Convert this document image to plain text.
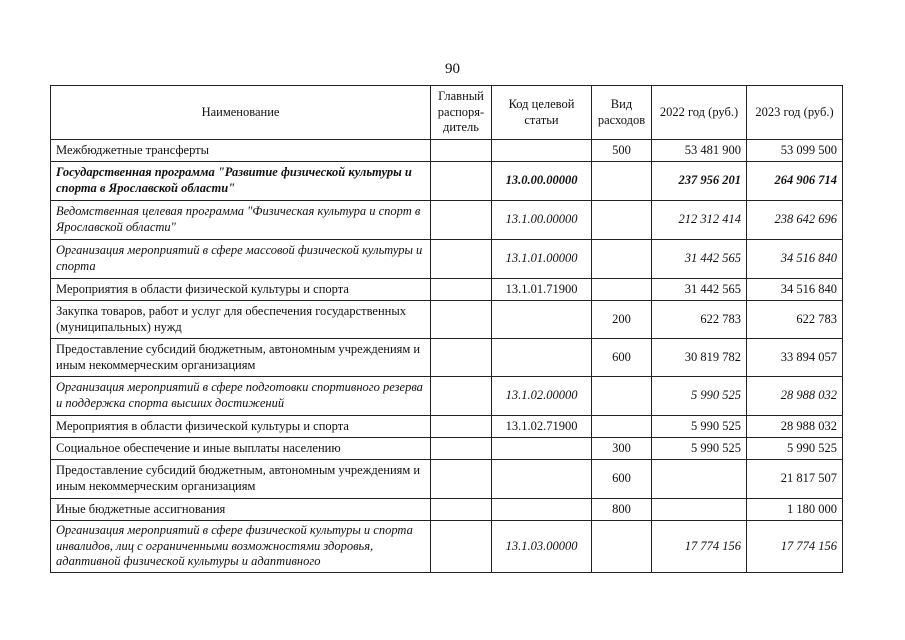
90
Наименование	Главный распоря-дитель	Код целевой статьи	Вид расходов	2022 год (руб.)	2023 год (руб.)
Межбюджетные трансферты			500	53 481 900	53 099 500
Государственная программа "Развитие физической культуры и спорта в Ярославской области"		13.0.00.00000		237 956 201	264 906 714
Ведомственная целевая программа "Физическая культура и спорт в Ярославской области"		13.1.00.00000		212 312 414	238 642 696
Организация мероприятий в сфере массовой физической культуры и спорта		13.1.01.00000		31 442 565	34 516 840
Мероприятия в области физической культуры и спорта		13.1.01.71900		31 442 565	34 516 840
Закупка товаров, работ и услуг для обеспечения государственных (муниципальных) нужд			200	622 783	622 783
Предоставление субсидий бюджетным, автономным учреждениям и иным некоммерческим организациям			600	30 819 782	33 894 057
Организация мероприятий в сфере подготовки спортивного резерва и поддержка спорта высших достижений		13.1.02.00000		5 990 525	28 988 032
Мероприятия в области физической культуры и спорта		13.1.02.71900		5 990 525	28 988 032
Социальное обеспечение и иные выплаты населению			300	5 990 525	5 990 525
Предоставление субсидий бюджетным, автономным учреждениям и иным некоммерческим организациям			600		21 817 507
Иные бюджетные ассигнования			800		1 180 000
Организация мероприятий в сфере физической культуры и спорта инвалидов, лиц с ограниченными возможностями здоровья, адаптивной физической культуры и адаптивного		13.1.03.00000		17 774 156	17 774 156
